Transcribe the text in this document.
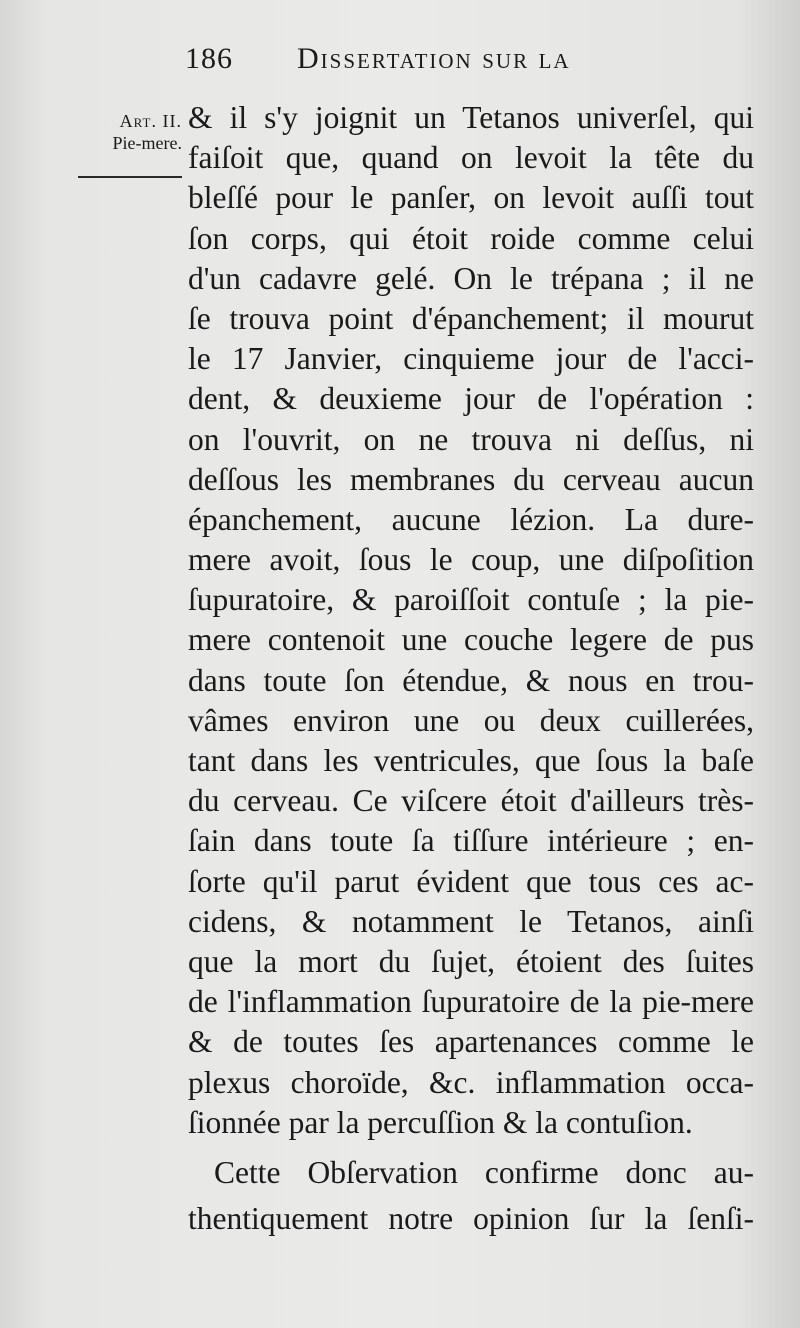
186 Dissertation sur la
Art. II.
Pie-mere.
& il s'y joignit un Tetanos univerſel, qui
faiſoit que, quand on levoit la tête du
bleſſé pour le panſer, on levoit auſſi tout
ſon corps, qui étoit roide comme celui
d'un cadavre gelé. On le trépana ; il ne
ſe trouva point d'épanchement; il mourut
le 17 Janvier, cinquieme jour de l'acci-
dent, & deuxieme jour de l'opération :
on l'ouvrit, on ne trouva ni deſſus, ni
deſſous les membranes du cerveau aucun
épanchement, aucune lézion. La dure-
mere avoit, ſous le coup, une diſpoſition
ſupuratoire, & paroiſſoit contuſe ; la pie-
mere contenoit une couche legere de pus
dans toute ſon étendue, & nous en trou-
vâmes environ une ou deux cuillerées,
tant dans les ventricules, que ſous la baſe
du cerveau. Ce viſcere étoit d'ailleurs très-
ſain dans toute ſa tiſſure intérieure ; en-
ſorte qu'il parut évident que tous ces ac-
cidens, & notamment le Tetanos, ainſi
que la mort du ſujet, étoient des ſuites
de l'inflammation ſupuratoire de la pie-mere
& de toutes ſes apartenances comme le
plexus choroïde, &c. inflammation occa-
ſionnée par la percuſſion & la contuſion.
Cette Obſervation confirme donc au-
thentiquement notre opinion ſur la ſenſi-
